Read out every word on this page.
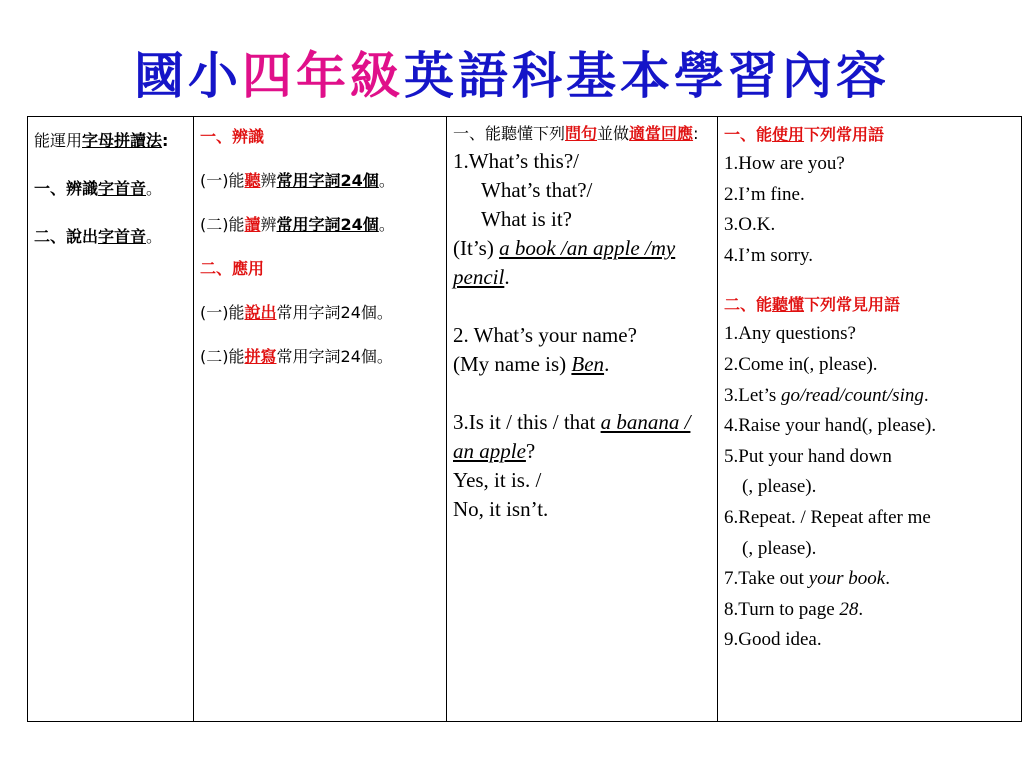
國小四年級英語科基本學習內容

能運用字母拼讀法:

一、辨識字首音。

二、說出字首音。

一、辨識

(一)能聽辨常用字詞24個。

(二)能讀辨常用字詞24個。

二、應用

(一)能說出常用字詞24個。

(二)能拼寫常用字詞24個。

一、能聽懂下列問句並做適當回應:

1.What’s this?/

What’s that?/

What is it?

(It’s) a book /an apple /my pencil.

2. What’s your name?

(My name is) Ben.

3.Is it / this / that a banana / an apple?

Yes, it is. /

No, it isn’t.

一、能使用下列常用語

1.How are you?

2.I’m fine.

3.O.K.

4.I’m sorry.

二、能聽懂下列常見用語

1.Any questions?

2.Come in(, please).

3.Let’s go/read/count/sing.

4.Raise your hand(, please).

5.Put your hand down

(, please).

6.Repeat. / Repeat after me

(, please).

7.Take out your book.

8.Turn to page 28.

9.Good idea.
